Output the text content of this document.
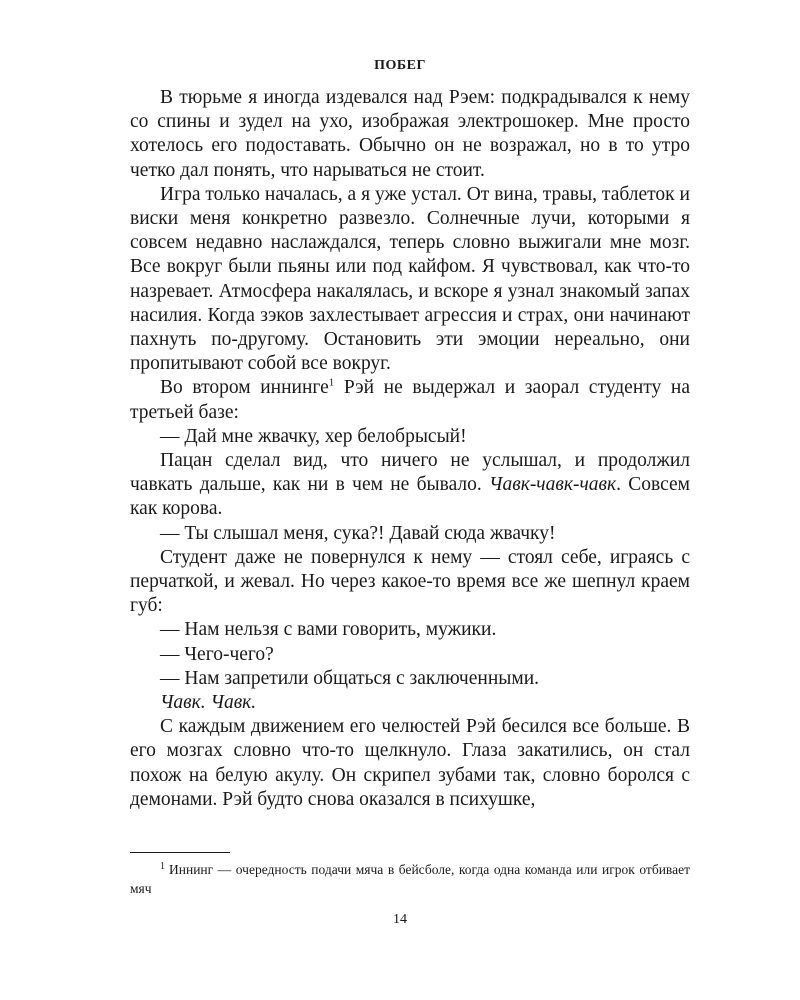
ПОБЕГ

В тюрьме я иногда издевался над Рэем: подкрадывался к нему со спины и зудел на ухо, изображая электрошокер. Мне просто хотелось его подоставать. Обычно он не возражал, но в то утро четко дал понять, что нарываться не стоит.

Игра только началась, а я уже устал. От вина, травы, таблеток и виски меня конкретно развезло. Солнечные лучи, которыми я совсем недавно наслаждался, теперь словно выжигали мне мозг. Все вокруг были пьяны или под кайфом. Я чувствовал, как что-то назревает. Атмосфера накалялась, и вскоре я узнал знакомый запах насилия. Когда зэков захлестывает агрессия и страх, они начинают пахнуть по-другому. Остановить эти эмоции нереально, они пропитывают собой все вокруг.

Во втором иннинге$^1$ Рэй не выдержал и заорал студенту на третьей базе:

— Дай мне жвачку, хер белобрысый!

Пацан сделал вид, что ничего не услышал, и продолжил чавкать дальше, как ни в чем не бывало. Чавк-чавк-чавк. Совсем как корова.

— Ты слышал меня, сука?! Давай сюда жвачку!

Студент даже не повернулся к нему — стоял себе, играясь с перчаткой, и жевал. Но через какое-то время все же шепнул краем губ:

— Нам нельзя с вами говорить, мужики.

— Чего-чего?

— Нам запретили общаться с заключенными.

Чавк. Чавк.

С каждым движением его челюстей Рэй бесился все больше. В его мозгах словно что-то щелкнуло. Глаза закатились, он стал похож на белую акулу. Он скрипел зубами так, словно боролся с демонами. Рэй будто снова оказался в психушке,

$^1$ Иннинг — очередность подачи мяча в бейсболе, когда одна команда или игрок отбивает мяч
14
